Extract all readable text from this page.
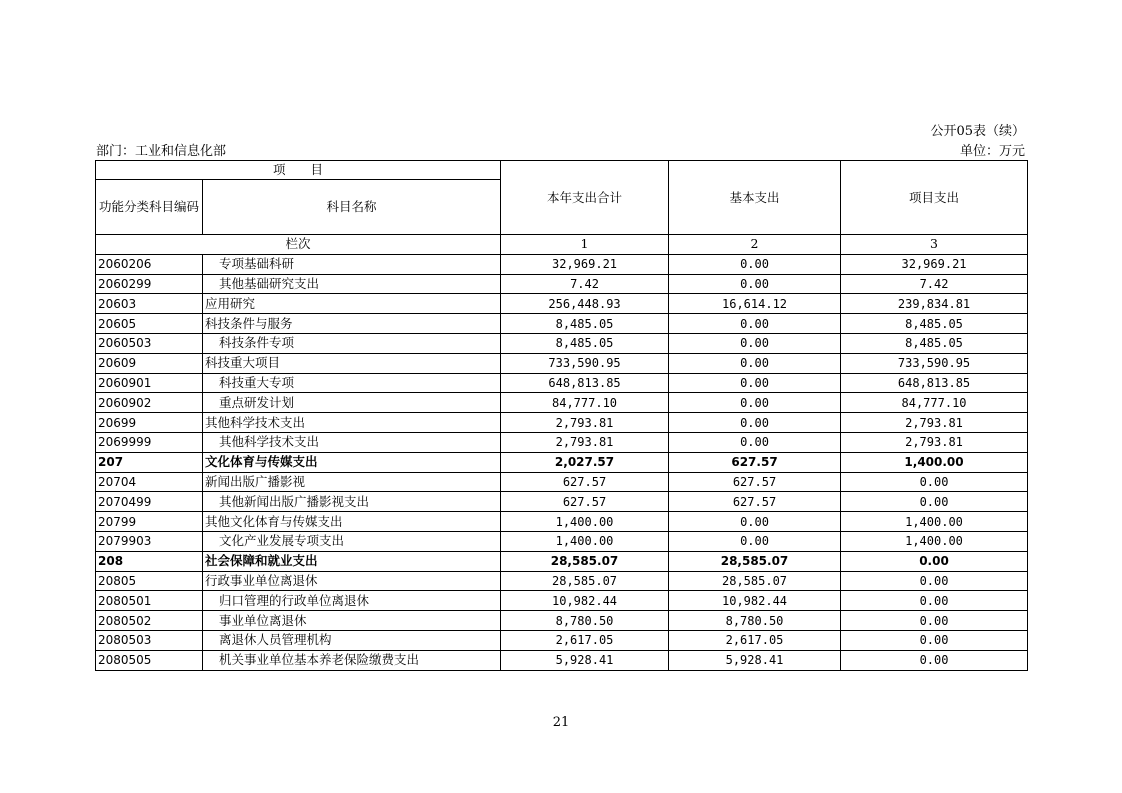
公开05表（续）
部门：工业和信息化部	单位：万元
项　　目		本年支出合计	基本支出	项目支出
功能分类科目编码	科目名称			
栏次		1	2	3
2060206	专项基础科研	32,969.21	0.00	32,969.21
2060299	其他基础研究支出	7.42	0.00	7.42
20603	应用研究	256,448.93	16,614.12	239,834.81
20605	科技条件与服务	8,485.05	0.00	8,485.05
2060503	科技条件专项	8,485.05	0.00	8,485.05
20609	科技重大项目	733,590.95	0.00	733,590.95
2060901	科技重大专项	648,813.85	0.00	648,813.85
2060902	重点研发计划	84,777.10	0.00	84,777.10
20699	其他科学技术支出	2,793.81	0.00	2,793.81
2069999	其他科学技术支出	2,793.81	0.00	2,793.81
207	文化体育与传媒支出	2,027.57	627.57	1,400.00
20704	新闻出版广播影视	627.57	627.57	0.00
2070499	其他新闻出版广播影视支出	627.57	627.57	0.00
20799	其他文化体育与传媒支出	1,400.00	0.00	1,400.00
2079903	文化产业发展专项支出	1,400.00	0.00	1,400.00
208	社会保障和就业支出	28,585.07	28,585.07	0.00
20805	行政事业单位离退休	28,585.07	28,585.07	0.00
2080501	归口管理的行政单位离退休	10,982.44	10,982.44	0.00
2080502	事业单位离退休	8,780.50	8,780.50	0.00
2080503	离退休人员管理机构	2,617.05	2,617.05	0.00
2080505	机关事业单位基本养老保险缴费支出	5,928.41	5,928.41	0.00
21
